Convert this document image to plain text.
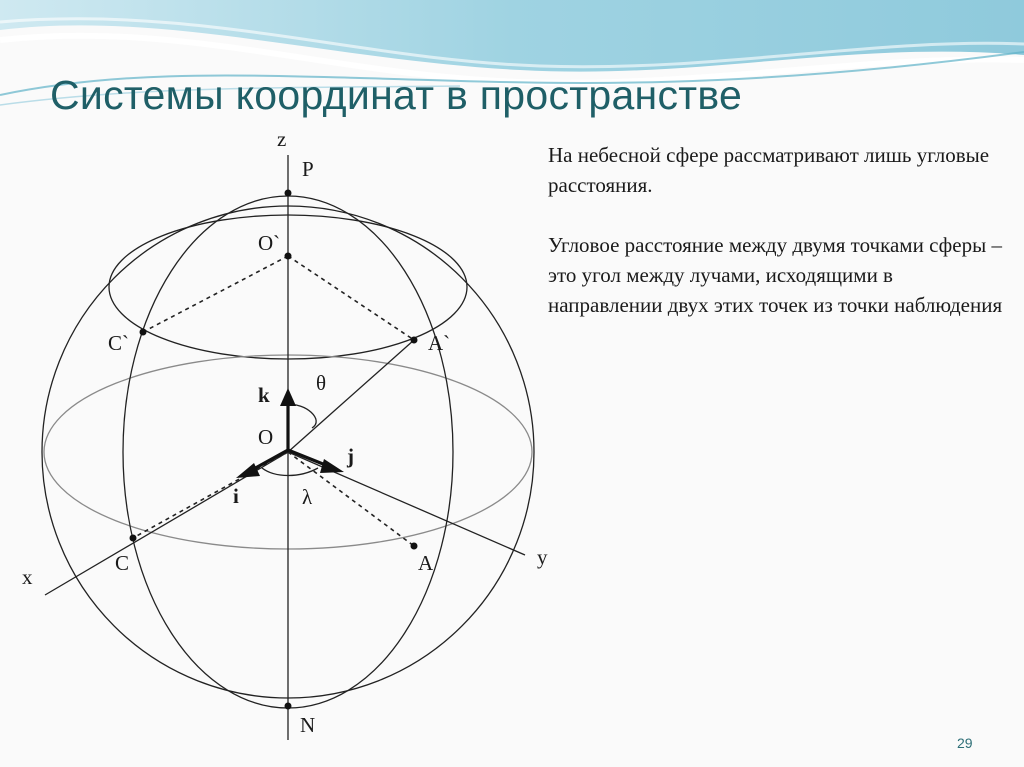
Системы координат в пространстве
z
P
O`
C`	A`
O
C	A
x
y
N
θ
λ
k
i
j

На небесной сфере рассматривают лишь угловые расстояния.

Угловое расстояние между двумя точками сферы – это угол между лучами, исходящими в направлении двух этих точек из точки наблюдения

29
